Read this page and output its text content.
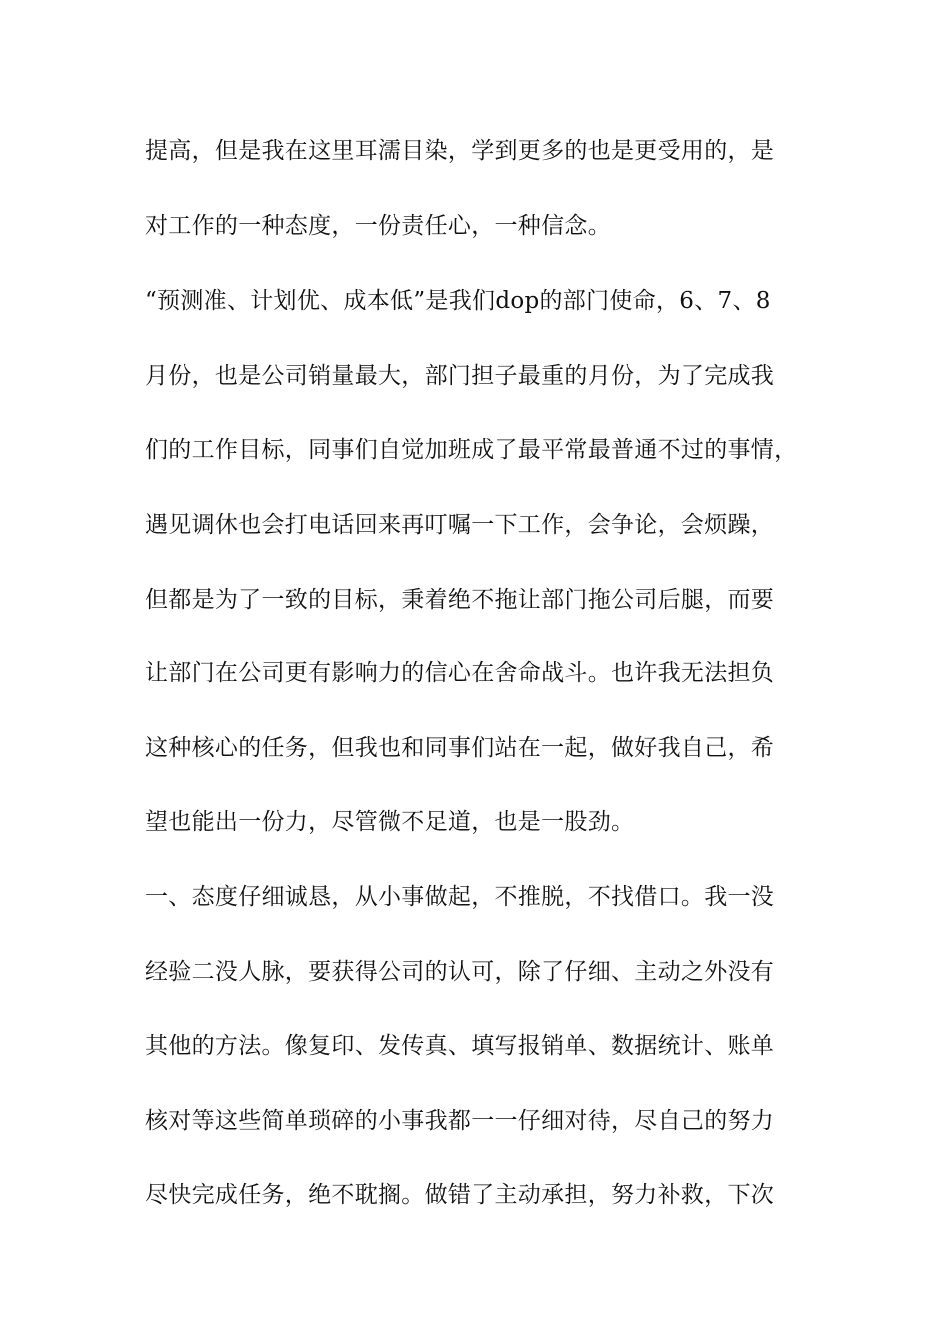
提高，但是我在这里耳濡目染，学到更多的也是更受用的，是
对工作的一种态度，一份责任心，一种信念。
“预测准、计划优、成本低”是我们dop的部门使命，6、7、8
月份，也是公司销量最大，部门担子最重的月份，为了完成我
们的工作目标，同事们自觉加班成了最平常最普通不过的事情，
遇见调休也会打电话回来再叮嘱一下工作，会争论，会烦躁，
但都是为了一致的目标，秉着绝不拖让部门拖公司后腿，而要
让部门在公司更有影响力的信心在舍命战斗。也许我无法担负
这种核心的任务，但我也和同事们站在一起，做好我自己，希
望也能出一份力，尽管微不足道，也是一股劲。
一、态度仔细诚恳，从小事做起，不推脱，不找借口。我一没
经验二没人脉，要获得公司的认可，除了仔细、主动之外没有
其他的方法。像复印、发传真、填写报销单、数据统计、账单
核对等这些简单琐碎的小事我都一一仔细对待，尽自己的努力
尽快完成任务，绝不耽搁。做错了主动承担，努力补救，下次
